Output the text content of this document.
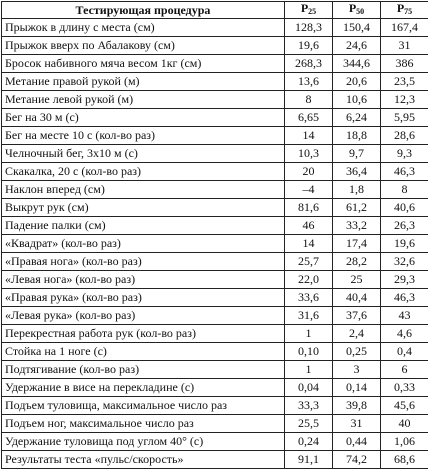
Тестирующая процедура	$P_{25}$	$P_{50}$	$P_{75}$
Прыжок в длину с места (см)	128,3	150,4	167,4
Прыжок вверх по Абалакову (см)	19,6	24,6	31
Бросок набивного мяча весом 1кг (см)	268,3	344,6	386
Метание правой рукой (м)	13,6	20,6	23,5
Метание левой рукой (м)	8	10,6	12,3
Бег на 30 м (с)	6,65	6,24	5,95
Бег на месте 10 с (кол-во раз)	14	18,8	28,6
Челночный бег, 3х10 м (с)	10,3	9,7	9,3
Скакалка, 20 с (кол-во раз)	20	36,4	46,3
Наклон вперед (см)	–4	1,8	8
Выкрут рук (см)	81,6	61,2	40,6
Падение палки (см)	46	33,2	26,3
«Квадрат» (кол-во раз)	14	17,4	19,6
«Правая нога» (кол-во раз)	25,7	28,2	32,6
«Левая нога» (кол-во раз)	22,0	25	29,3
«Правая рука» (кол-во раз)	33,6	40,4	46,3
«Левая рука» (кол-во раз)	31,6	37,6	43
Перекрестная работа рук (кол-во раз)	1	2,4	4,6
Стойка на 1 ноге (с)	0,10	0,25	0,4
Подтягивание (кол-во раз)	1	3	6
Удержание в висе на перекладине (с)	0,04	0,14	0,33
Подъем туловища, максимальное число раз	33,3	39,8	45,6
Подъем ног, максимальное число раз	25,5	31	40
Удержание туловища под углом 40° (с)	0,24	0,44	1,06
Результаты теста «пульс/скорость»	91,1	74,2	68,6
